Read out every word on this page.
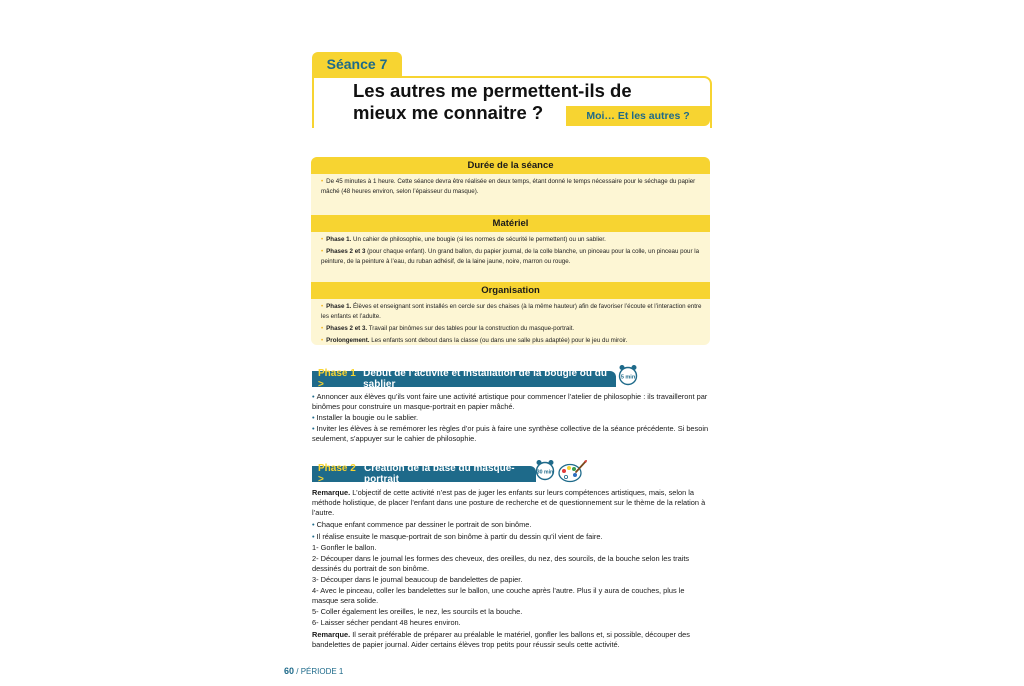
Séance 7
Les autres me permettent-ils de mieux me connaitre ?	Moi… Et les autres ?
Durée de la séance

• De 45 minutes à 1 heure. Cette séance devra être réalisée en deux temps, étant donné le temps nécessaire pour le séchage du papier mâché (48 heures environ, selon l’épaisseur du masque).

Matériel

• Phase 1. Un cahier de philosophie, une bougie (si les normes de sécurité le permettent) ou un sablier.

• Phases 2 et 3 (pour chaque enfant). Un grand ballon, du papier journal, de la colle blanche, un pinceau pour la colle, un pinceau pour la peinture, de la peinture à l’eau, du ruban adhésif, de la laine jaune, noire, marron ou rouge.

Organisation

• Phase 1. Élèves et enseignant sont installés en cercle sur des chaises (à la même hauteur) afin de favoriser l’écoute et l’interaction entre les enfants et l’adulte.

• Phases 2 et 3. Travail par binômes sur des tables pour la construction du masque-portrait.

• Prolongement. Les enfants sont debout dans la classe (ou dans une salle plus adaptée) pour le jeu du miroir.

Phase 1 >
Début de l’activité et installation de la bougie ou du sablier
5 min

• Annoncer aux élèves qu’ils vont faire une activité artistique pour commencer l’atelier de philosophie : ils travailleront par binômes pour construire un masque-portrait en papier mâché.

• Installer la bougie ou le sablier.

• Inviter les élèves à se remémorer les règles d’or puis à faire une synthèse collective de la séance précédente. Si besoin seulement, s’appuyer sur le cahier de philosophie.

Phase 2 >
Création de la base du masque-portrait
30 min

Remarque. L’objectif de cette activité n’est pas de juger les enfants sur leurs compétences artistiques, mais, selon la méthode holistique, de placer l’enfant dans une posture de recherche et de questionnement sur le thème de la relation à l’autre.

• Chaque enfant commence par dessiner le portrait de son binôme.

• Il réalise ensuite le masque-portrait de son binôme à partir du dessin qu’il vient de faire.

1- Gonfler le ballon.

2- Découper dans le journal les formes des cheveux, des oreilles, du nez, des sourcils, de la bouche selon les traits dessinés du portrait de son binôme.

3- Découper dans le journal beaucoup de bandelettes de papier.

4- Avec le pinceau, coller les bandelettes sur le ballon, une couche après l’autre. Plus il y aura de couches, plus le masque sera solide.

5- Coller également les oreilles, le nez, les sourcils et la bouche.

6- Laisser sécher pendant 48 heures environ.

Remarque. Il serait préférable de préparer au préalable le matériel, gonfler les ballons et, si possible, découper des bandelettes de papier journal. Aider certains élèves trop petits pour réussir seuls cette activité.

60 / PÉRIODE 1
